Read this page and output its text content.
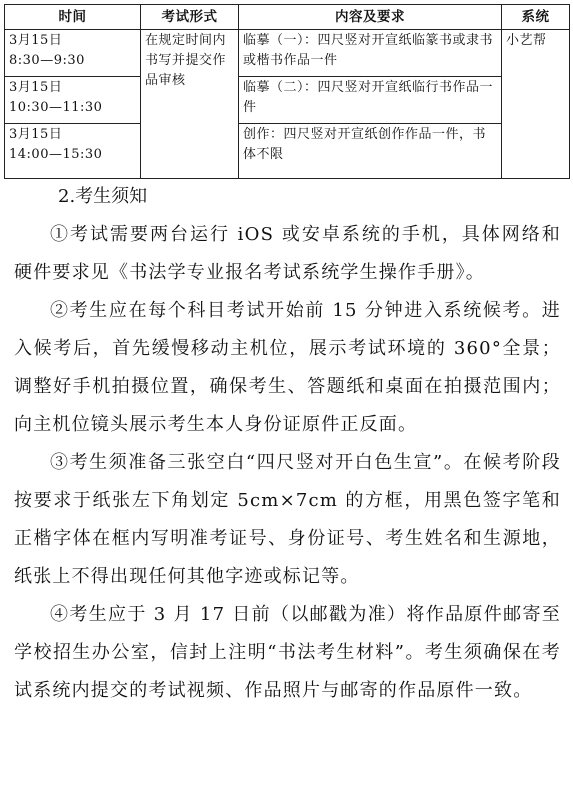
时间	考试形式	内容及要求	系统

3月15日
8:30—9:30	在规定时间内书写并提交作品审核	临摹（一）：四尺竖对开宣纸临篆书或隶书或楷书作品一件	小艺帮

3月15日
10:30—11:30		临摹（二）：四尺竖对开宣纸临行书作品一件	

3月15日
14:00—15:30		创作：四尺竖对开宣纸创作作品一件，书体不限	

2.考生须知

①考试需要两台运行 iOS 或安卓系统的手机，具体网络和硬件要求见《书法学专业报名考试系统学生操作手册》。

②考生应在每个科目考试开始前 15 分钟进入系统候考。进入候考后，首先缓慢移动主机位，展示考试环境的 360°全景；调整好手机拍摄位置，确保考生、答题纸和桌面在拍摄范围内；向主机位镜头展示考生本人身份证原件正反面。

③考生须准备三张空白“四尺竖对开白色生宣”。在候考阶段按要求于纸张左下角划定 5cm×7cm 的方框，用黑色签字笔和正楷字体在框内写明准考证号、身份证号、考生姓名和生源地，纸张上不得出现任何其他字迹或标记等。

④考生应于 3 月 17 日前（以邮戳为准）将作品原件邮寄至学校招生办公室，信封上注明“书法考生材料”。考生须确保在考试系统内提交的考试视频、作品照片与邮寄的作品原件一致。
